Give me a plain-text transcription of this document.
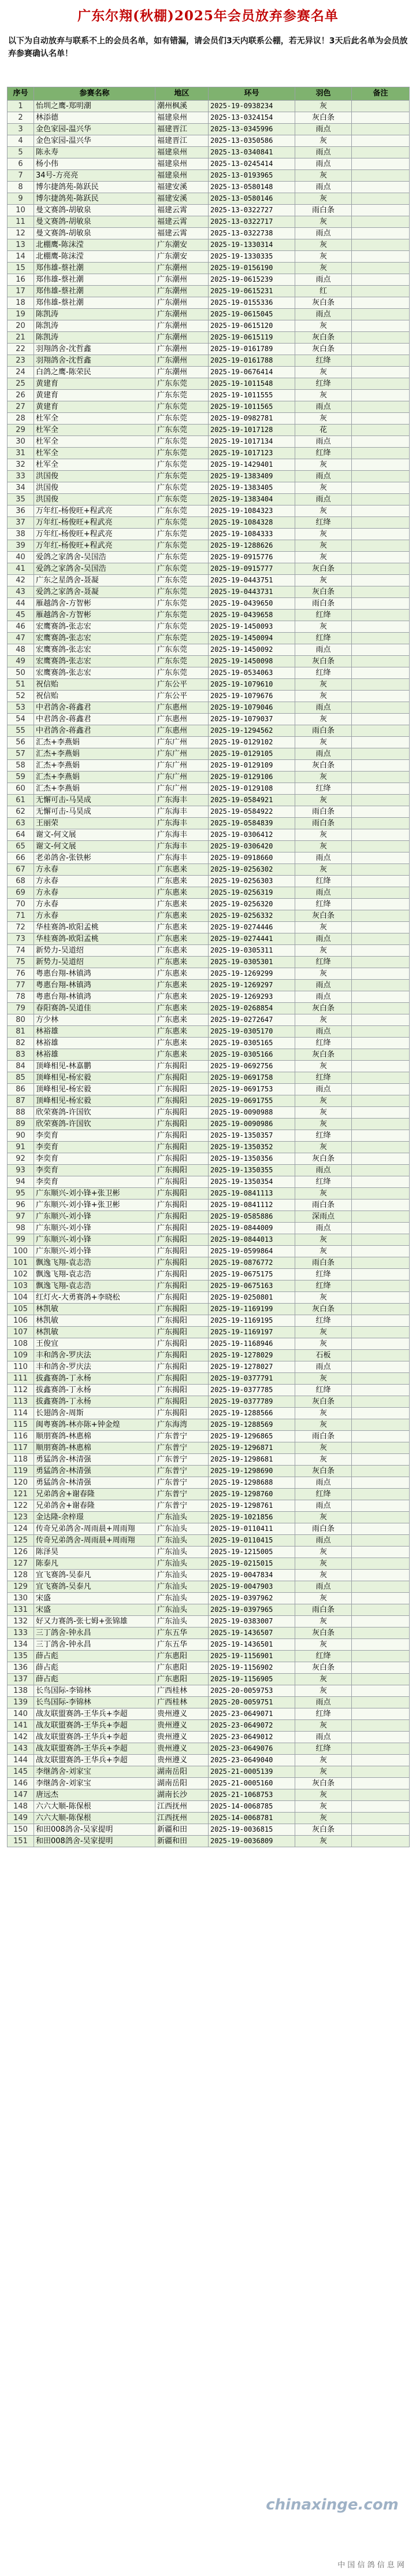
广东尔翔(秋棚)2025年会员放弃参赛名单
以下为自动放弃与联系不上的会员名单，如有错漏，请会员们3天内联系公棚，若无异议！3天后此名单为会员放弃参赛确认名单！
序号	参赛名称	地区	环号	羽色	备注
1	怡圳之鹰-郑明潮	潮州枫溪	2025-19-0938234	灰	
2	林添德	福建泉州	2025-13-0324154	灰白条	
3	金色家园-温兴华	福建晋江	2025-13-0345996	雨点	
4	金色家园-温兴华	福建晋江	2025-13-0350586	灰	
5	陈永寿	福建泉州	2025-13-0340841	雨点	
6	杨小伟	福建泉州	2025-13-0245414	雨点	
7	34号-方亮亮	福建泉州	2025-13-0193965	灰	
8	博尔捷鸽苑-陈跃民	福建安溪	2025-13-0580148	雨点	
9	博尔捷鸽苑-陈跃民	福建安溪	2025-13-0580146	灰	
10	曼文赛鸽-胡敏泉	福建云霄	2025-13-0322727	雨白条	
11	曼文赛鸽-胡敏泉	福建云霄	2025-13-0322717	灰	
12	曼文赛鸽-胡敏泉	福建云霄	2025-13-0322738	雨点	
13	北棚鹰-陈沫滢	广东潮安	2025-19-1330314	灰	
14	北棚鹰-陈沫滢	广东潮安	2025-19-1330335	灰	
15	郑伟雄-蔡社潮	广东潮州	2025-19-0156190	灰	
16	郑伟雄-蔡社潮	广东潮州	2025-19-0615239	雨点	
17	郑伟雄-蔡社潮	广东潮州	2025-19-0615231	红	
18	郑伟雄-蔡社潮	广东潮州	2025-19-0155336	灰白条	
19	陈凯涛	广东潮州	2025-19-0615045	雨点	
20	陈凯涛	广东潮州	2025-19-0615120	灰	
21	陈凯涛	广东潮州	2025-19-0615119	灰白条	
22	羽翔鸽舍-沈哲鑫	广东潮州	2025-19-0161789	灰白条	
23	羽翔鸽舍-沈哲鑫	广东潮州	2025-19-0161788	红绛	
24	白鸽之鹰-陈荣民	广东潮州	2025-19-0676414	灰	
25	黄建育	广东东莞	2025-19-1011548	红绛	
26	黄建育	广东东莞	2025-19-1011555	灰	
27	黄建育	广东东莞	2025-19-1011565	雨点	
28	杜军全	广东东莞	2025-19-0982781	灰	
29	杜军全	广东东莞	2025-19-1017128	花	
30	杜军全	广东东莞	2025-19-1017134	雨点	
31	杜军全	广东东莞	2025-19-1017123	红绛	
32	杜军全	广东东莞	2025-19-1429401	灰	
33	洪国俊	广东东莞	2025-19-1383409	雨点	
34	洪国俊	广东东莞	2025-19-1383405	灰	
35	洪国俊	广东东莞	2025-19-1383404	雨点	
36	万年红-杨俊旺+程武亮	广东东莞	2025-19-1084323	灰	
37	万年红-杨俊旺+程武亮	广东东莞	2025-19-1084328	红绛	
38	万年红-杨俊旺+程武亮	广东东莞	2025-19-1084333	灰	
39	万年红-杨俊旺+程武亮	广东东莞	2025-19-1288626	灰	
40	爱鸽之家鸽舍-吴国浩	广东东莞	2025-19-0915776	灰	
41	爱鸽之家鸽舍-吴国浩	广东东莞	2025-19-0915777	灰白条	
42	广东之星鸽舍-聂凝	广东东莞	2025-19-0443751	灰	
43	爱鸽之家鸽舍-聂凝	广东东莞	2025-19-0443731	灰白条	
44	雁越鸽舍-方智彬	广东东莞	2025-19-0439650	雨白条	
45	雁越鸽舍-方智彬	广东东莞	2025-19-0439658	红绛	
46	宏鹰赛鸽-张志宏	广东东莞	2025-19-1450093	灰	
47	宏鹰赛鸽-张志宏	广东东莞	2025-19-1450094	红绛	
48	宏鹰赛鸽-张志宏	广东东莞	2025-19-1450092	雨点	
49	宏鹰赛鸽-张志宏	广东东莞	2025-19-1450098	灰白条	
50	宏鹰赛鸽-张志宏	广东东莞	2025-19-0534063	红绛	
51	祝信贻	广东公平	2025-19-1079610	灰	
52	祝信贻	广东公平	2025-19-1079676	灰	
53	中君鸽舍-蒋鑫君	广东惠州	2025-19-1079046	雨点	
54	中君鸽舍-蒋鑫君	广东惠州	2025-19-1079037	灰	
55	中君鸽舍-蒋鑫君	广东惠州	2025-19-1294562	雨白条	
56	汇杰+李燕娟	广东广州	2025-19-0129102	灰	
57	汇杰+李燕娟	广东广州	2025-19-0129105	雨点	
58	汇杰+李燕娟	广东广州	2025-19-0129109	灰白条	
59	汇杰+李燕娟	广东广州	2025-19-0129106	灰	
60	汇杰+李燕娟	广东广州	2025-19-0129108	红绛	
61	无懈可击-马昊成	广东海丰	2025-19-0584921	灰	
62	无懈可击-马昊成	广东海丰	2025-19-0584922	雨白条	
63	王丽荣	广东海丰	2025-19-0584839	雨白条	
64	谢文-何文展	广东海丰	2025-19-0306412	灰	
65	谢文-何文展	广东海丰	2025-19-0306420	灰	
66	老弟鸽舍-张铁彬	广东海丰	2025-19-0918660	雨点	
67	方永春	广东惠来	2025-19-0256302	灰	
68	方永春	广东惠来	2025-19-0256303	红绛	
69	方永春	广东惠来	2025-19-0256319	雨点	
70	方永春	广东惠来	2025-19-0256320	红绛	
71	方永春	广东惠来	2025-19-0256332	灰白条	
72	华桂赛鸽-欧阳孟桃	广东惠来	2025-19-0274446	灰	
73	华桂赛鸽-欧阳孟桃	广东惠来	2025-19-0274441	雨点	
74	新势力-吴道绍	广东惠来	2025-19-0305311	灰	
75	新势力-吴道绍	广东惠来	2025-19-0305301	红绛	
76	粤惠台翔-林镇鸿	广东惠来	2025-19-1269299	灰	
77	粤惠台翔-林镇鸿	广东惠来	2025-19-1269297	雨点	
78	粤惠台翔-林镇鸿	广东惠来	2025-19-1269293	雨点	
79	春阳赛鸽-吴道佳	广东惠来	2025-19-0268854	灰白条	
80	方少林	广东惠来	2025-19-0272647	灰	
81	林裕雄	广东惠来	2025-19-0305170	雨点	
82	林裕雄	广东惠来	2025-19-0305165	红绛	
83	林裕雄	广东惠来	2025-19-0305166	灰白条	
84	顶峰相见-林嘉鹏	广东揭阳	2025-19-0692756	灰	
85	顶峰相见-杨宏毅	广东揭阳	2025-19-0691758	红绛	
86	顶峰相见-杨宏毅	广东揭阳	2025-19-0691753	雨点	
87	顶峰相见-杨宏毅	广东揭阳	2025-19-0691755	灰	
88	欣荣赛鸽-许国钦	广东揭阳	2025-19-0090988	灰	
89	欣荣赛鸽-许国钦	广东揭阳	2025-19-0090986	灰	
90	李奕育	广东揭阳	2025-19-1350357	红绛	
91	李奕育	广东揭阳	2025-19-1350352	灰	
92	李奕育	广东揭阳	2025-19-1350356	灰白条	
93	李奕育	广东揭阳	2025-19-1350355	雨点	
94	李奕育	广东揭阳	2025-19-1350354	红绛	
95	广东顺兴-刘小锋+张卫彬	广东揭阳	2025-19-0841113	灰	
96	广东顺兴-刘小锋+张卫彬	广东揭阳	2025-19-0841112	雨白条	
97	广东顺兴-刘小锋	广东揭阳	2025-19-0585886	深雨点	
98	广东顺兴-刘小锋	广东揭阳	2025-19-0844009	雨点	
99	广东顺兴-刘小锋	广东揭阳	2025-19-0844013	灰	
100	广东顺兴-刘小锋	广东揭阳	2025-19-0599864	灰	
101	飘逸飞翔-袁志浩	广东揭阳	2025-19-0876772	雨白条	
102	飘逸飞翔-袁志浩	广东揭阳	2025-19-0675175	红绛	
103	飘逸飞翔-袁志浩	广东揭阳	2025-19-0675163	红绛	
104	红灯火-大勇赛鸽+李晓松	广东揭阳	2025-19-0250801	灰	
105	林凯敏	广东揭阳	2025-19-1169199	灰白条	
106	林凯敏	广东揭阳	2025-19-1169195	红绛	
107	林凯敏	广东揭阳	2025-19-1169197	灰	
108	王俊宜	广东揭阳	2025-19-1168946	灰	
109	丰和鸽舍-罗庆法	广东揭阳	2025-19-1278029	石板	
110	丰和鸽舍-罗庆法	广东揭阳	2025-19-1278027	雨点	
111	拔鑫赛鸽-丁永杨	广东揭阳	2025-19-0377791	灰	
112	拔鑫赛鸽-丁永杨	广东揭阳	2025-19-0377785	红绛	
113	拔鑫赛鸽-丁永杨	广东揭阳	2025-19-0377789	灰白条	
114	长翅鸽舍-周斯	广东揭阳	2025-19-1288566	灰	
115	闽粤赛鸽-林亦陈+钟金煌	广东海湾	2025-19-1288569	灰	
116	顺朋赛鸽-林惠棉	广东普宁	2025-19-1296865	雨白条	
117	顺朋赛鸽-林惠棉	广东普宁	2025-19-1296871	灰	
118	勇猛鸽舍-林清强	广东普宁	2025-19-1298681	灰	
119	勇猛鸽舍-林清强	广东普宁	2025-19-1298690	灰白条	
120	勇猛鸽舍-林清强	广东普宁	2025-19-1298688	雨点	
121	兄弟鸽舍+谢春隆	广东普宁	2025-19-1298760	红绛	
122	兄弟鸽舍+谢春隆	广东普宁	2025-19-1298761	雨点	
123	金达隆-余梓璟	广东汕头	2025-19-1021856	灰	
124	传奇兄弟鸽舍-周雨晨+周雨翔	广东汕头	2025-19-0110411	雨白条	
125	传奇兄弟鸽舍-周雨晨+周雨翔	广东汕头	2025-19-0110415	雨点	
126	陈泽昊	广东汕头	2025-19-1215005	灰	
127	陈泰凡	广东汕头	2025-19-0215015	灰	
128	宜飞赛鸽-吴泰凡	广东汕头	2025-19-0047834	灰	
129	宜飞赛鸽-吴泰凡	广东汕头	2025-19-0047903	雨点	
130	宋盛	广东汕头	2025-19-0397962	灰	
131	宋盛	广东汕头	2025-19-0397965	雨白条	
132	好又力赛鸽-张七姆+张锦雄	广东汕头	2025-19-0383007	灰	
133	三丁鸽舍-钟永昌	广东五华	2025-19-1436507	灰白条	
134	三丁鸽舍-钟永昌	广东五华	2025-19-1436501	灰	
135	薛占彪	广东惠阳	2025-19-1156901	红绛	
136	薛占彪	广东惠阳	2025-19-1156902	灰白条	
137	薛占彪	广东惠阳	2025-19-1156905	灰	
138	长鸟国际-李锦林	广西桂林	2025-20-0059753	灰	
139	长鸟国际-李锦林	广西桂林	2025-20-0059751	雨点	
140	战友联盟赛鸽-王华兵+李超	贵州遵义	2025-23-0649071	红绛	
141	战友联盟赛鸽-王华兵+李超	贵州遵义	2025-23-0649072	灰	
142	战友联盟赛鸽-王华兵+李超	贵州遵义	2025-23-0649012	雨点	
143	战友联盟赛鸽-王华兵+李超	贵州遵义	2025-23-0649076	红绛	
144	战友联盟赛鸽-王华兵+李超	贵州遵义	2025-23-0649040	灰	
145	李继鸽舍-刘家宝	湖南岳阳	2025-21-0005139	灰	
146	李继鸽舍-刘家宝	湖南岳阳	2025-21-0005160	灰白条	
147	唐远杰	湖南长沙	2025-21-1068753	灰	
148	六六大顺-陈保根	江西抚州	2025-14-0068785	灰	
149	六六大顺-陈保根	江西抚州	2025-14-0068781	灰	
150	和田008鸽舍-吴家提明	新疆和田	2025-19-0036815	灰白条	
151	和田008鸽舍-吴家提明	新疆和田	2025-19-0036809	灰	
chinaxinge.com
中 国 信 鸽 信 息 网
